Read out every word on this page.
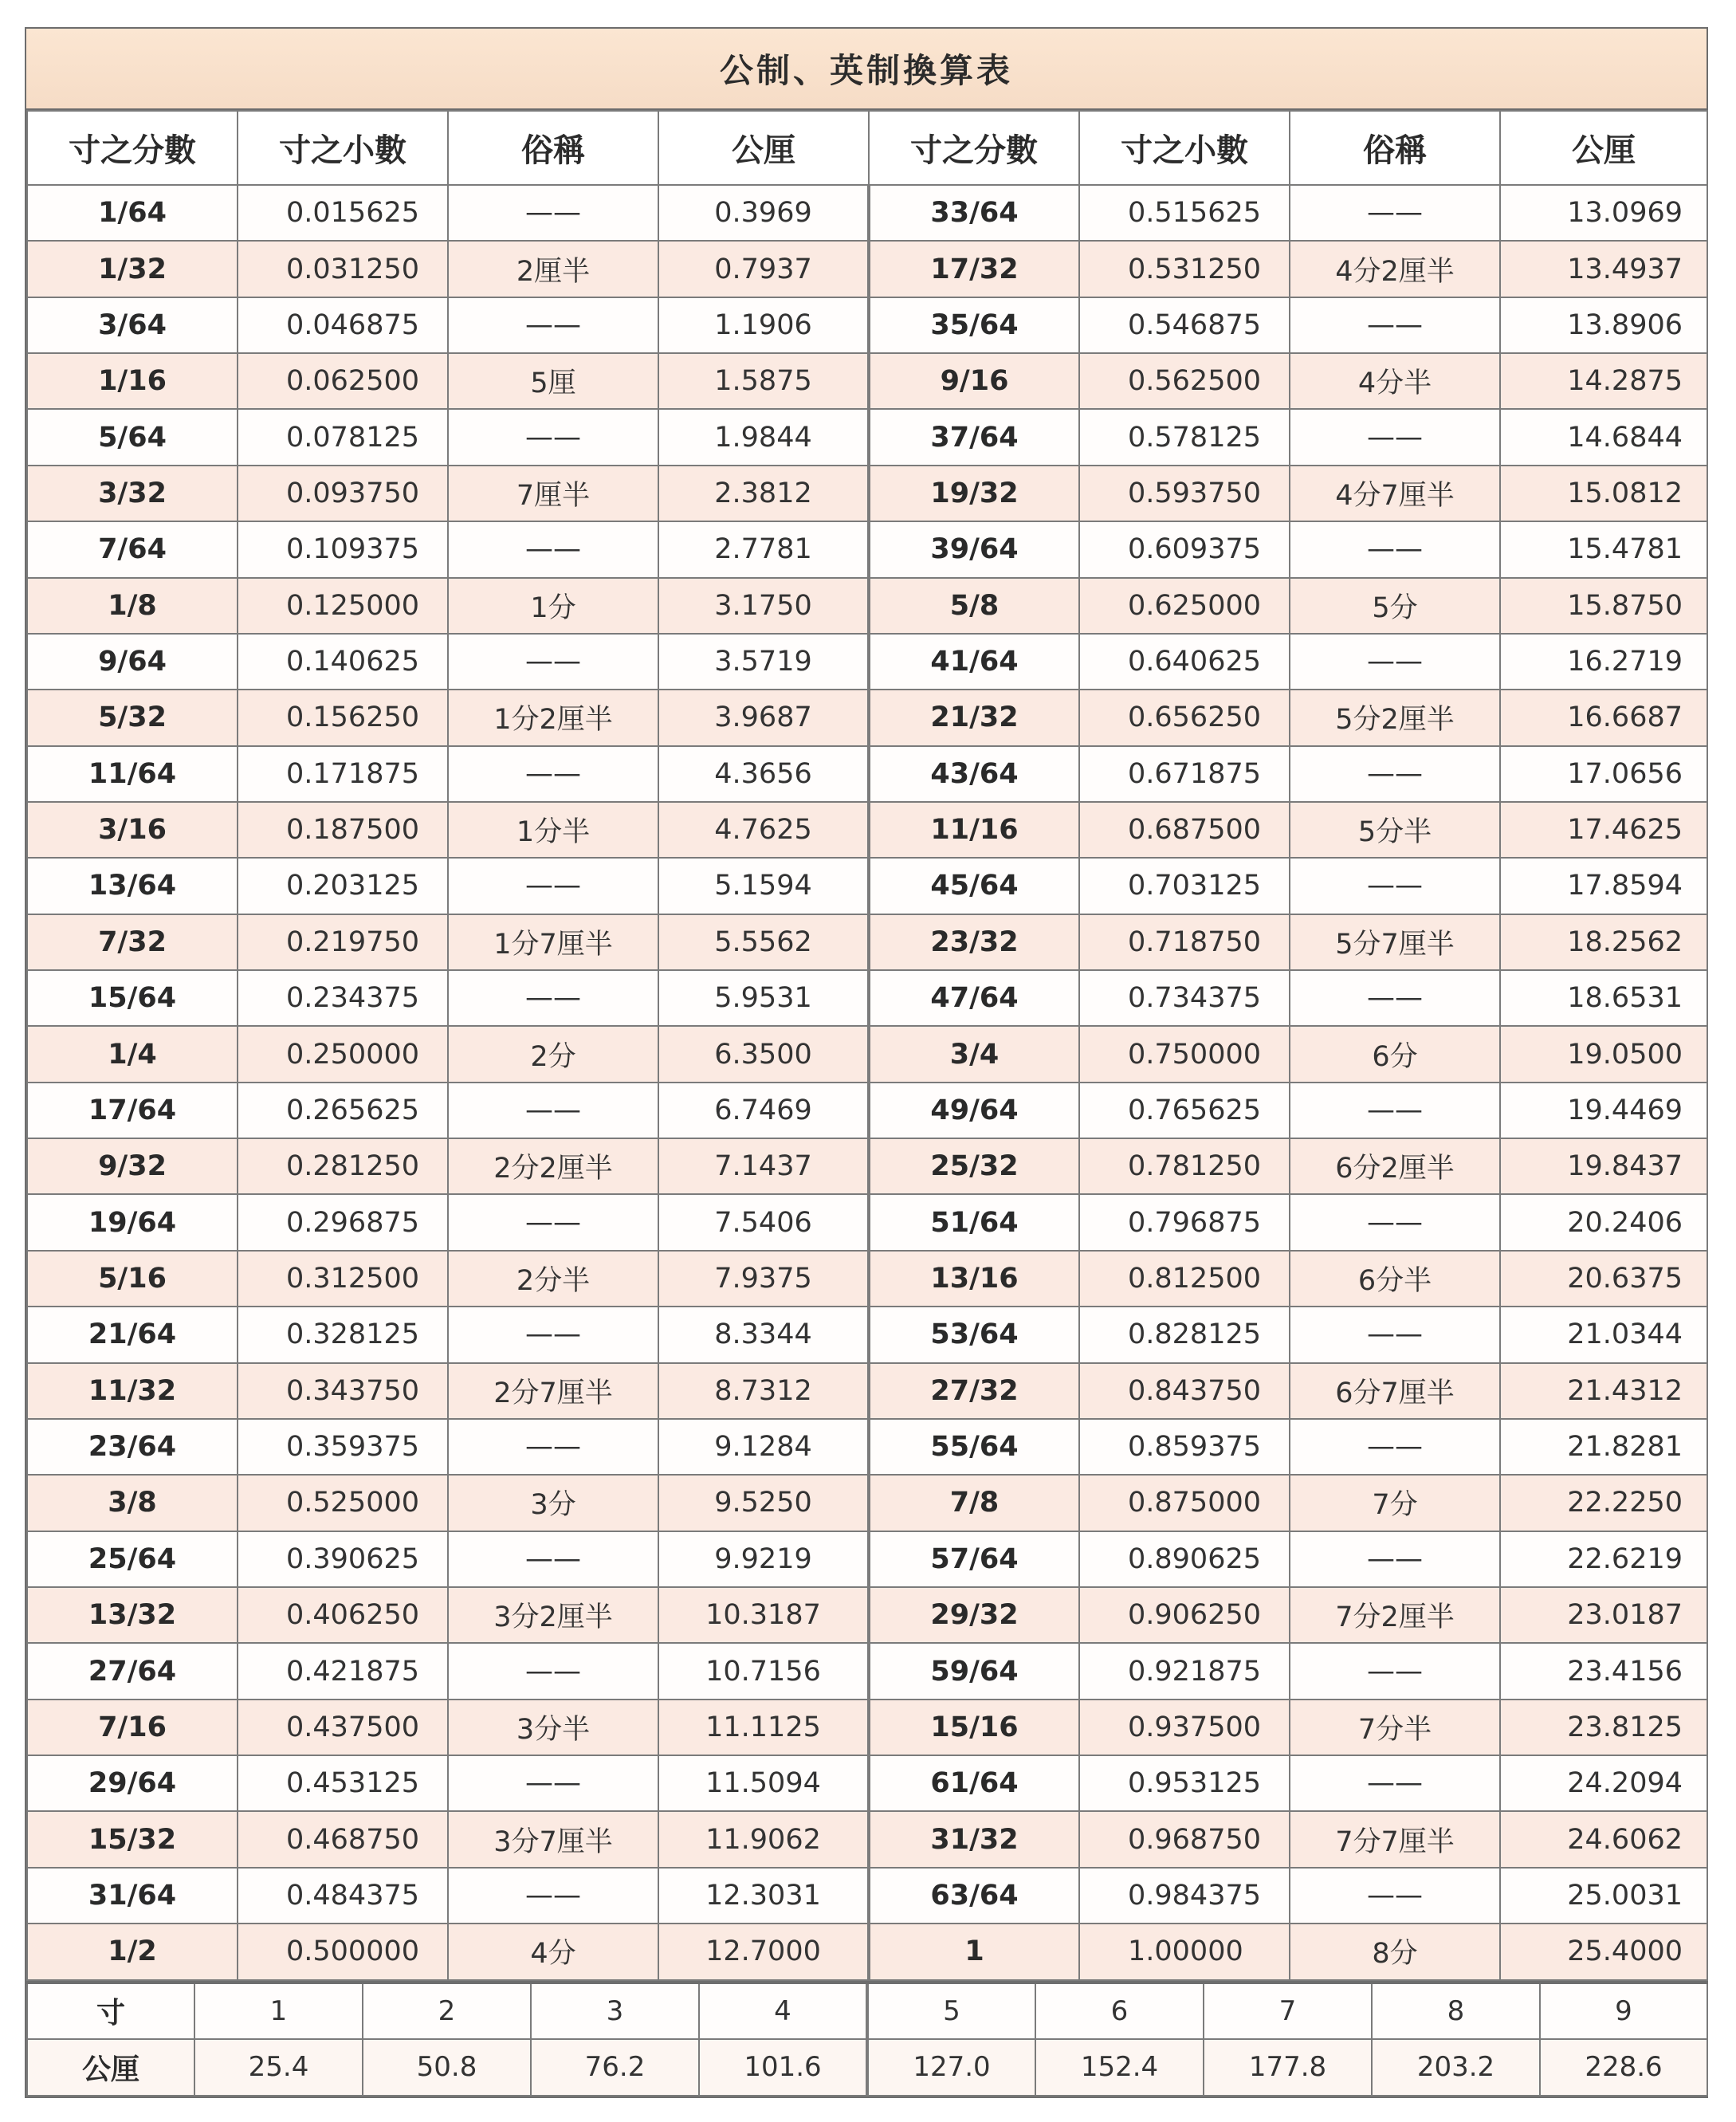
公制、英制換算表
寸之分數	寸之小數	俗稱	公厘	寸之分數	寸之小數	俗稱	公厘
1/64	0.015625	——	0.3969	33/64	0.515625	——	13.0969
1/32	0.031250	2厘半	0.7937	17/32	0.531250	4分2厘半	13.4937
3/64	0.046875	——	1.1906	35/64	0.546875	——	13.8906
1/16	0.062500	5厘	1.5875	9/16	0.562500	4分半	14.2875
5/64	0.078125	——	1.9844	37/64	0.578125	——	14.6844
3/32	0.093750	7厘半	2.3812	19/32	0.593750	4分7厘半	15.0812
7/64	0.109375	——	2.7781	39/64	0.609375	——	15.4781
1/8	0.125000	1分	3.1750	5/8	0.625000	5分	15.8750
9/64	0.140625	——	3.5719	41/64	0.640625	——	16.2719
5/32	0.156250	1分2厘半	3.9687	21/32	0.656250	5分2厘半	16.6687
11/64	0.171875	——	4.3656	43/64	0.671875	——	17.0656
3/16	0.187500	1分半	4.7625	11/16	0.687500	5分半	17.4625
13/64	0.203125	——	5.1594	45/64	0.703125	——	17.8594
7/32	0.219750	1分7厘半	5.5562	23/32	0.718750	5分7厘半	18.2562
15/64	0.234375	——	5.9531	47/64	0.734375	——	18.6531
1/4	0.250000	2分	6.3500	3/4	0.750000	6分	19.0500
17/64	0.265625	——	6.7469	49/64	0.765625	——	19.4469
9/32	0.281250	2分2厘半	7.1437	25/32	0.781250	6分2厘半	19.8437
19/64	0.296875	——	7.5406	51/64	0.796875	——	20.2406
5/16	0.312500	2分半	7.9375	13/16	0.812500	6分半	20.6375
21/64	0.328125	——	8.3344	53/64	0.828125	——	21.0344
11/32	0.343750	2分7厘半	8.7312	27/32	0.843750	6分7厘半	21.4312
23/64	0.359375	——	9.1284	55/64	0.859375	——	21.8281
3/8	0.525000	3分	9.5250	7/8	0.875000	7分	22.2250
25/64	0.390625	——	9.9219	57/64	0.890625	——	22.6219
13/32	0.406250	3分2厘半	10.3187	29/32	0.906250	7分2厘半	23.0187
27/64	0.421875	——	10.7156	59/64	0.921875	——	23.4156
7/16	0.437500	3分半	11.1125	15/16	0.937500	7分半	23.8125
29/64	0.453125	——	11.5094	61/64	0.953125	——	24.2094
15/32	0.468750	3分7厘半	11.9062	31/32	0.968750	7分7厘半	24.6062
31/64	0.484375	——	12.3031	63/64	0.984375	——	25.0031
1/2	0.500000	4分	12.7000	1	1.00000	8分	25.4000
寸	1	2	3	4	5	6	7	8	9
公厘	25.4	50.8	76.2	101.6	127.0	152.4	177.8	203.2	228.6
